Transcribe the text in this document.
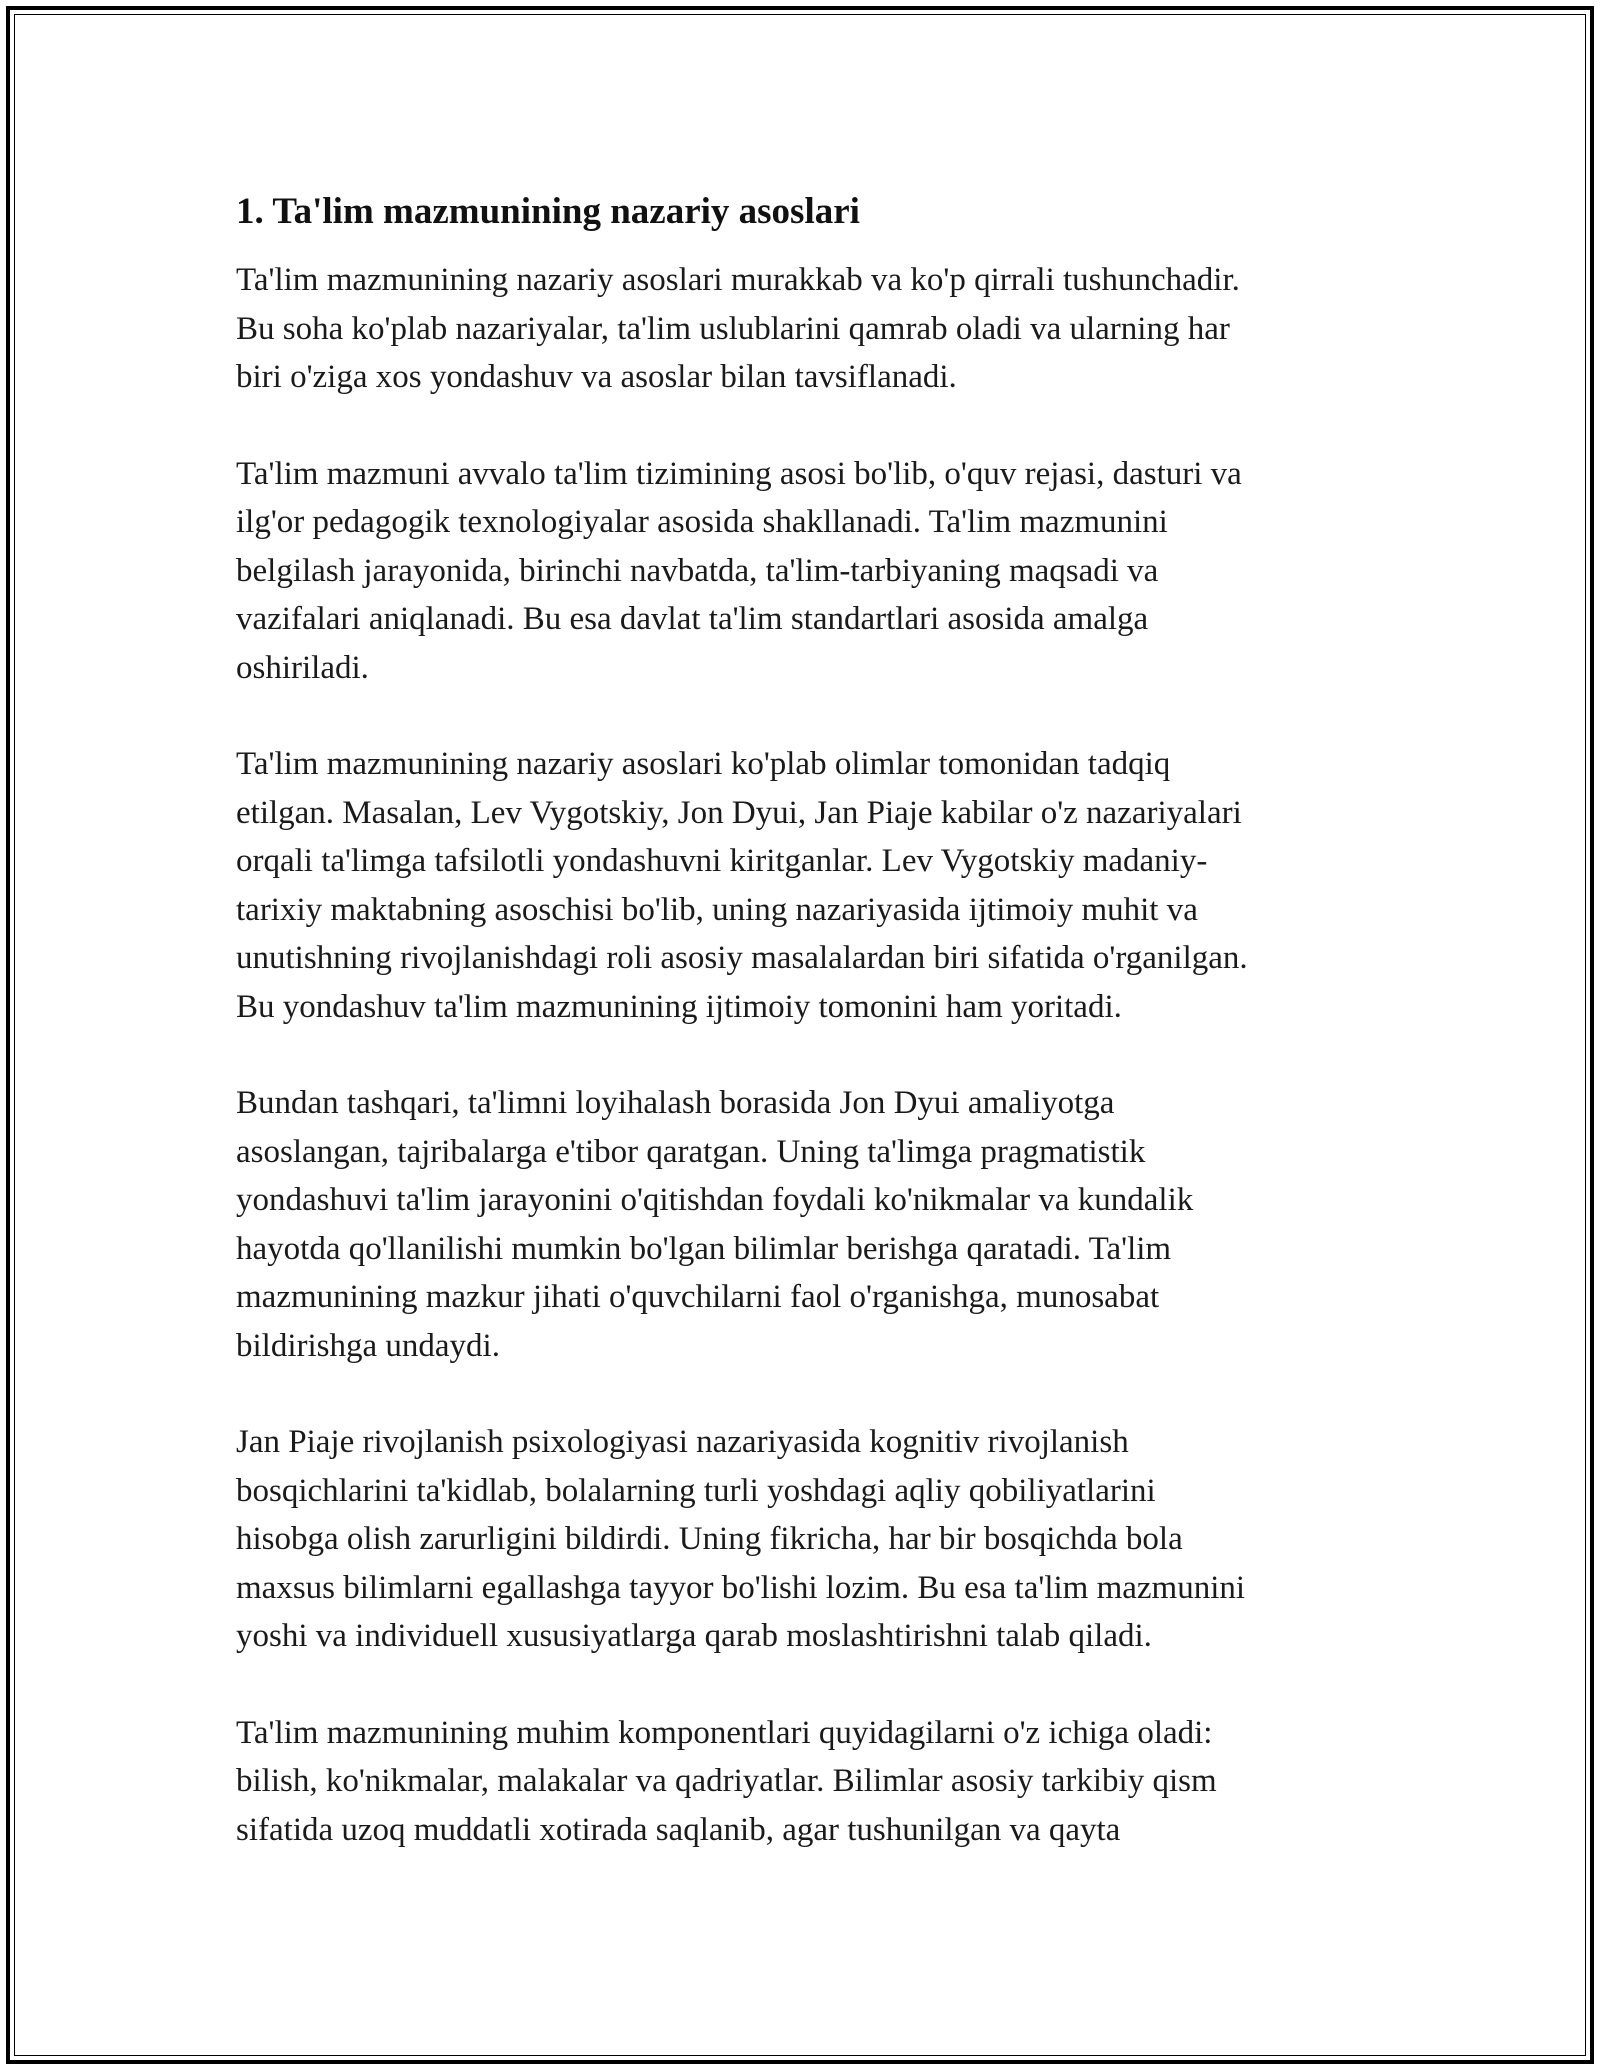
1. Ta'lim mazmunining nazariy asoslari

Ta'lim mazmunining nazariy asoslari murakkab va ko'p qirrali tushunchadir.
Bu soha ko'plab nazariyalar, ta'lim uslublarini qamrab oladi va ularning har
biri o'ziga xos yondashuv va asoslar bilan tavsiflanadi.

Ta'lim mazmuni avvalo ta'lim tizimining asosi bo'lib, o'quv rejasi, dasturi va
ilg'or pedagogik texnologiyalar asosida shakllanadi. Ta'lim mazmunini
belgilash jarayonida, birinchi navbatda, ta'lim-tarbiyaning maqsadi va
vazifalari aniqlanadi. Bu esa davlat ta'lim standartlari asosida amalga
oshiriladi.

Ta'lim mazmunining nazariy asoslari ko'plab olimlar tomonidan tadqiq
etilgan. Masalan, Lev Vygotskiy, Jon Dyui, Jan Piaje kabilar o'z nazariyalari
orqali ta'limga tafsilotli yondashuvni kiritganlar. Lev Vygotskiy madaniy-
tarixiy maktabning asoschisi bo'lib, uning nazariyasida ijtimoiy muhit va
unutishning rivojlanishdagi roli asosiy masalalardan biri sifatida o'rganilgan.
Bu yondashuv ta'lim mazmunining ijtimoiy tomonini ham yoritadi.

Bundan tashqari, ta'limni loyihalash borasida Jon Dyui amaliyotga
asoslangan, tajribalarga e'tibor qaratgan. Uning ta'limga pragmatistik
yondashuvi ta'lim jarayonini o'qitishdan foydali ko'nikmalar va kundalik
hayotda qo'llanilishi mumkin bo'lgan bilimlar berishga qaratadi. Ta'lim
mazmunining mazkur jihati o'quvchilarni faol o'rganishga, munosabat
bildirishga undaydi.

Jan Piaje rivojlanish psixologiyasi nazariyasida kognitiv rivojlanish
bosqichlarini ta'kidlab, bolalarning turli yoshdagi aqliy qobiliyatlarini
hisobga olish zarurligini bildirdi. Uning fikricha, har bir bosqichda bola
maxsus bilimlarni egallashga tayyor bo'lishi lozim. Bu esa ta'lim mazmunini
yoshi va individuell xususiyatlarga qarab moslashtirishni talab qiladi.

Ta'lim mazmunining muhim komponentlari quyidagilarni o'z ichiga oladi:
bilish, ko'nikmalar, malakalar va qadriyatlar. Bilimlar asosiy tarkibiy qism
sifatida uzoq muddatli xotirada saqlanib, agar tushunilgan va qayta
